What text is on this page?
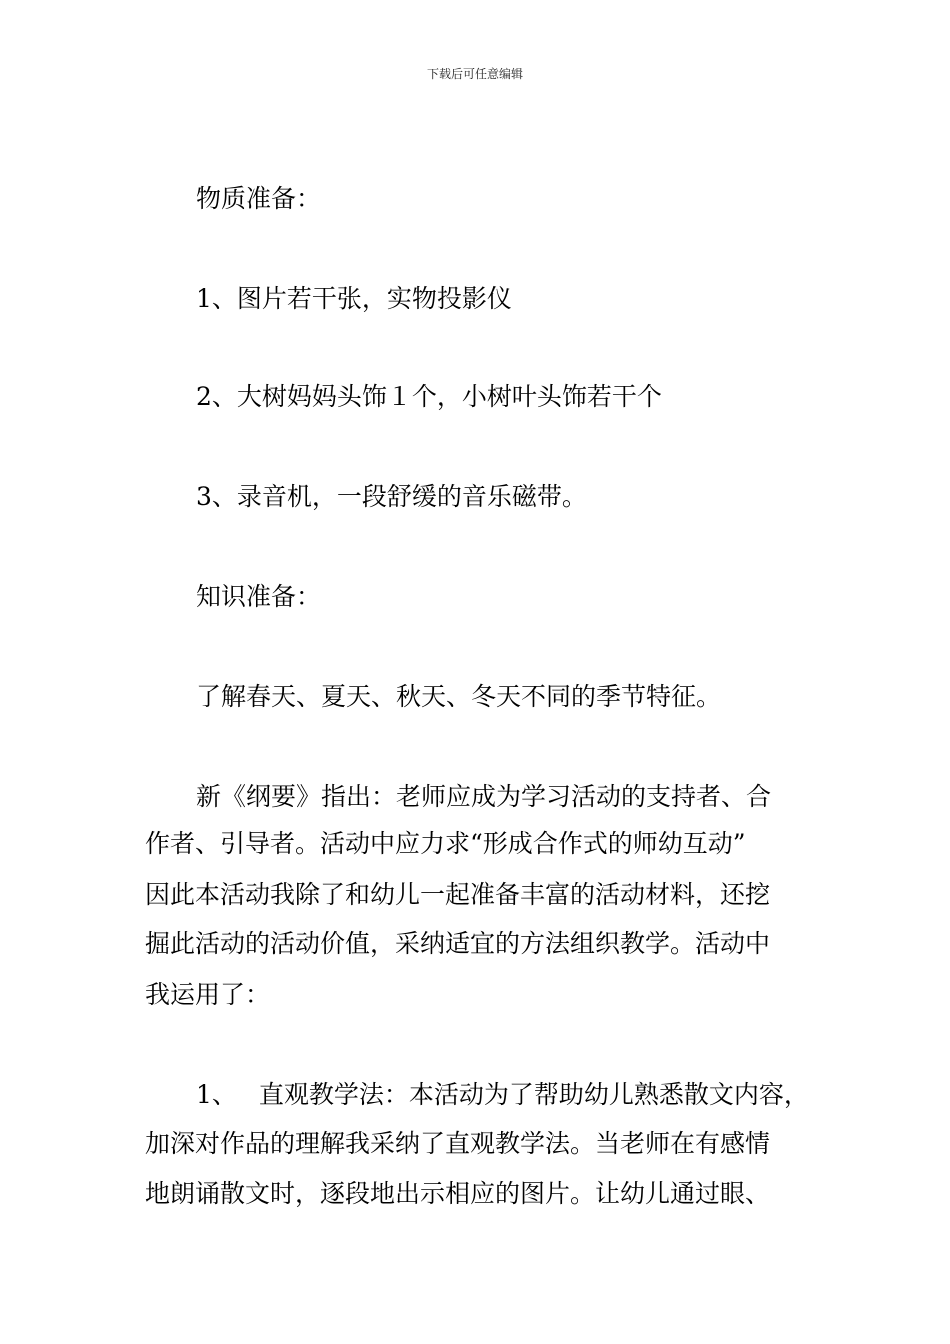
下载后可任意编辑
物质准备：
1、图片若干张，实物投影仪
2、大树妈妈头饰１个，小树叶头饰若干个
3、录音机，一段舒缓的音乐磁带。
知识准备：
了解春天、夏天、秋天、冬天不同的季节特征。
新《纲要》指出：老师应成为学习活动的支持者、合
作者、引导者。活动中应力求“形成合作式的师幼互动”
因此本活动我除了和幼儿一起准备丰富的活动材料，还挖
掘此活动的活动价值，采纳适宜的方法组织教学。活动中
我运用了：
1、 直观教学法：本活动为了帮助幼儿熟悉散文内容，
加深对作品的理解我采纳了直观教学法。当老师在有感情
地朗诵散文时，逐段地出示相应的图片。让幼儿通过眼、
